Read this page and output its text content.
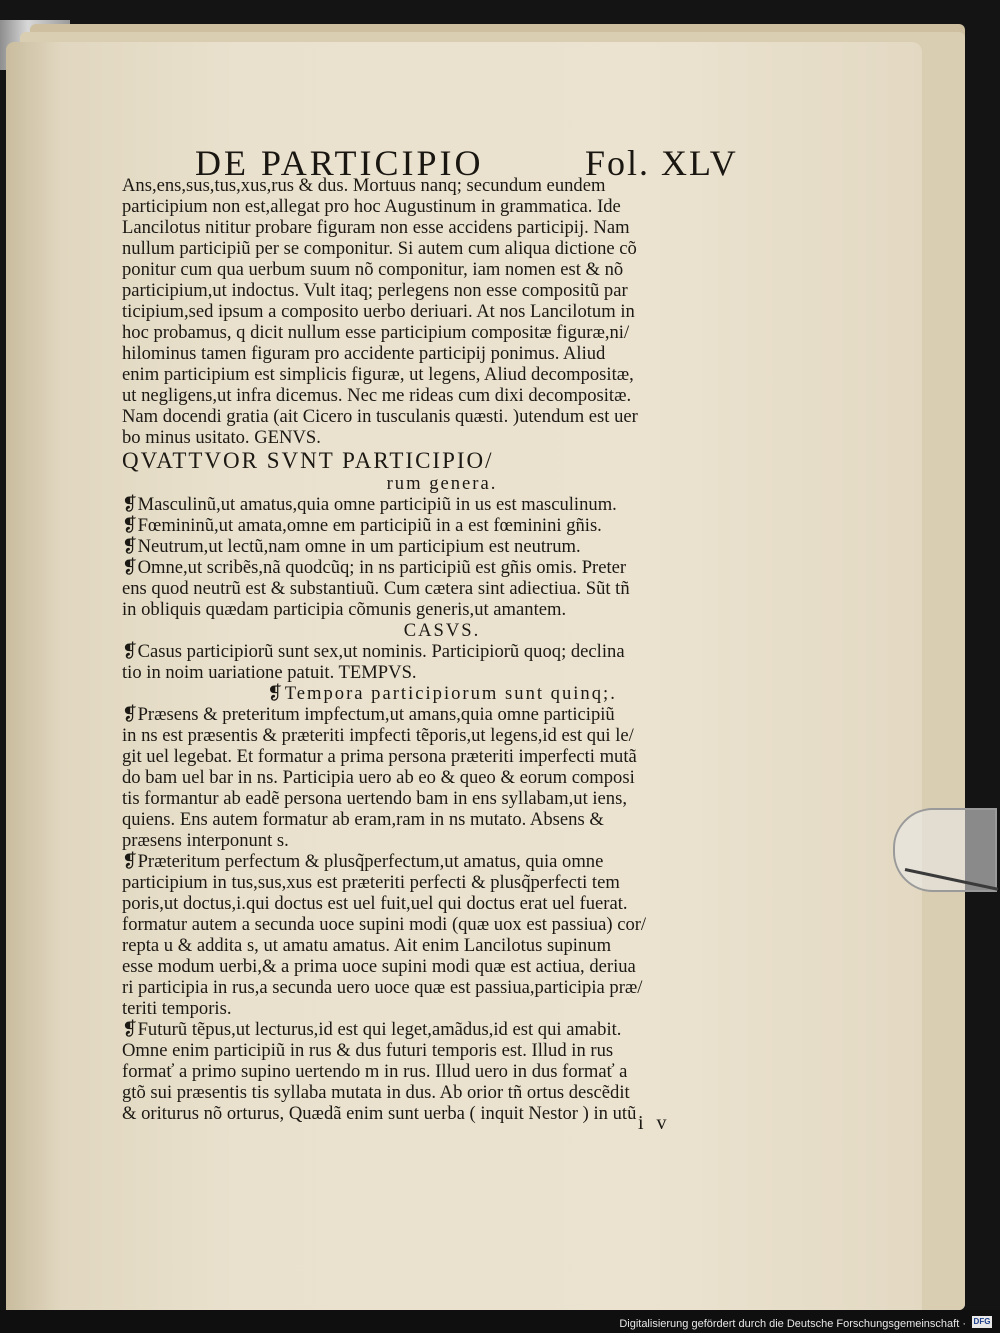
DE PARTICIPIO	Fol. XLV
Ans,ens,sus,tus,xus,rus & dus. Mortuus nanq; secundum eundem
participium non est,allegat pro hoc Augustinum in grammatica. Ide
Lancilotus nititur probare figuram non esse accidens participij. Nam
nullum participiũ per se componitur. Si autem cum aliqua dictione cõ
ponitur cum qua uerbum suum nõ componitur, iam nomen est & nõ
participium,ut indoctus. Vult itaq; perlegens non esse compositũ par
ticipium,sed ipsum a composito uerbo deriuari. At nos Lancilotum in
hoc probamus, q dicit nullum esse participium compositæ figuræ,ni/
hilominus tamen figuram pro accidente participij ponimus. Aliud
enim participium est simplicis figuræ, ut legens, Aliud decompositæ,
ut negligens,ut infra dicemus. Nec me rideas cum dixi decompositæ.
Nam docendi gratia (ait Cicero in tusculanis quæsti. )utendum est uer
bo minus usitato. GENVS.
QVATTVOR SVNT PARTICIPIO/
rum genera.
❡Masculinũ,ut amatus,quia omne participiũ in us est masculinum.
❡Fœmininũ,ut amata,omne em participiũ in a est fœminini gñis.
❡Neutrum,ut lectũ,nam omne in um participium est neutrum.
❡Omne,ut scribẽs,nã quodcũq; in ns participiũ est gñis omis. Preter
ens quod neutrũ est & substantiuũ. Cum cætera sint adiectiua. Sũt tñ
in obliquis quædam participia cõmunis generis,ut amantem.
CASVS.
❡Casus participiorũ sunt sex,ut nominis. Participiorũ quoq; declina
tio in noim uariatione patuit. TEMPVS.
❡Tempora participiorum sunt quinq;.
❡Præsens & preteritum impfectum,ut amans,quia omne participiũ
in ns est præsentis & præteriti impfecti tẽporis,ut legens,id est qui le/
git uel legebat. Et formatur a prima persona præteriti imperfecti mutã
do bam uel bar in ns. Participia uero ab eo & queo & eorum composi
tis formantur ab eadẽ persona uertendo bam in ens syllabam,ut iens,
quiens. Ens autem formatur ab eram,ram in ns mutato. Absens &
præsens interponunt s.
❡Præteritum perfectum & plusq̃perfectum,ut amatus, quia omne
participium in tus,sus,xus est præteriti perfecti & plusq̃perfecti tem
poris,ut doctus,i.qui doctus est uel fuit,uel qui doctus erat uel fuerat.
formatur autem a secunda uoce supini modi (quæ uox est passiua) cor/
repta u & addita s, ut amatu amatus. Ait enim Lancilotus supinum
esse modum uerbi,& a prima uoce supini modi quæ est actiua, deriua
ri participia in rus,a secunda uero uoce quæ est passiua,participia præ/
teriti temporis.
❡Futurũ tẽpus,ut lecturus,id est qui leget,amãdus,id est qui amabit.
Omne enim participiũ in rus & dus futuri temporis est. Illud in rus
formať a primo supino uertendo m in rus. Illud uero in dus formať a
gtõ sui præsentis tis syllaba mutata in dus. Ab orior tñ ortus descẽdit
& oriturus nõ orturus, Quædã enim sunt uerba ( inquit Nestor ) in utũ i v
Digitalisierung gefördert durch die Deutsche Forschungsgemeinschaft · DFG
